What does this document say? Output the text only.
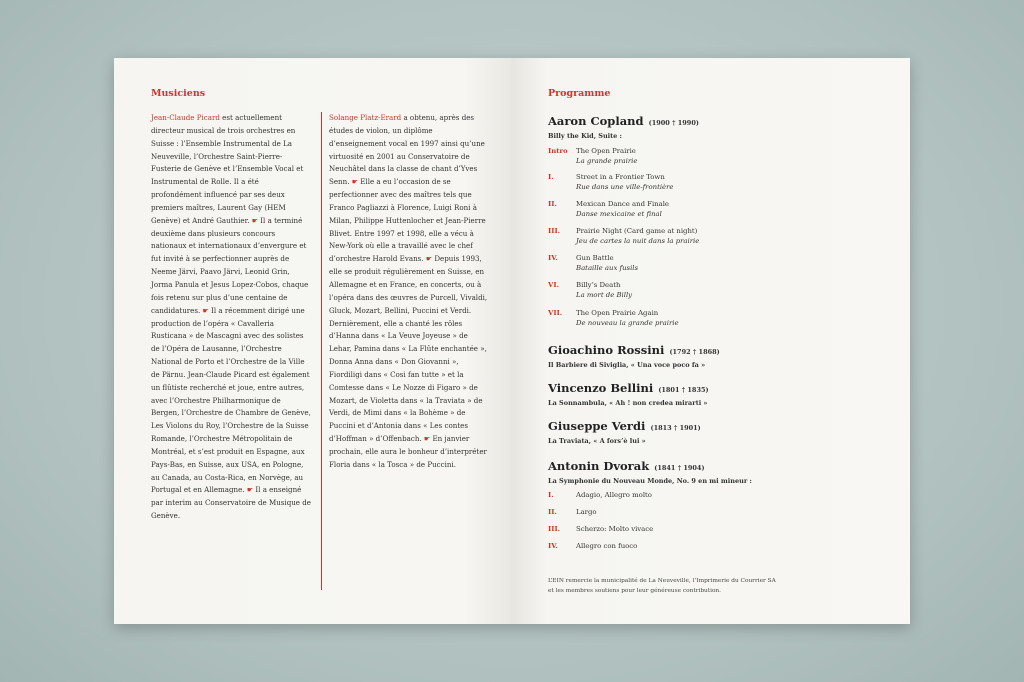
Musiciens

Jean-Claude Picard est actuellement directeur musical de trois orchestres en Suisse : l’Ensemble Instrumental de La Neuveville, l’Orchestre Saint-Pierre-Fusterie de Genève et l’Ensemble Vocal et Instrumental de Rolle. Il a été profondément influencé par ses deux premiers maîtres, Laurent Gay (HEM Genève) et André Gauthier. ☛ Il a terminé deuxième dans plusieurs concours nationaux et internationaux d’envergure et fut invité à se perfectionner auprès de Neeme Järvi, Paavo Järvi, Leonid Grin, Jorma Panula et Jesus Lopez-Cobos, chaque fois retenu sur plus d’une centaine de candidatures. ☛ Il a récemment dirigé une production de l’opéra « Cavalleria Rusticana » de Mascagni avec des solistes de l’Opéra de Lausanne, l’Orchestre National de Porto et l’Orchestre de la Ville de Pärnu. Jean-Claude Picard est également un flûtiste recherché et joue, entre autres, avec l’Orchestre Philharmonique de Bergen, l’Orchestre de Chambre de Genève, Les Violons du Roy, l’Orchestre de la Suisse Romande, l’Orchestre Métropolitain de Montréal, et s’est produit en Espagne, aux Pays-Bas, en Suisse, aux USA, en Pologne, au Canada, au Costa-Rica, en Norvège, au Portugal et en Allemagne. ☛ Il a enseigné par interim au Conservatoire de Musique de Genève.

Solange Platz-Erard a obtenu, après des études de violon, un diplôme d’enseignement vocal en 1997 ainsi qu’une virtuosité en 2001 au Conservatoire de Neuchâtel dans la classe de chant d’Yves Senn. ☛ Elle a eu l’occasion de se perfectionner avec des maîtres tels que Franco Pagliazzi à Florence, Luigi Roni à Milan, Philippe Huttenlocher et Jean-Pierre Blivet. Entre 1997 et 1998, elle a vécu à New-York où elle a travaillé avec le chef d’orchestre Harold Evans. ☛ Depuis 1993, elle se produit régulièrement en Suisse, en Allemagne et en France, en concerts, ou à l’opéra dans des œuvres de Purcell, Vivaldi, Gluck, Mozart, Bellini, Puccini et Verdi. Dernièrement, elle a chanté les rôles d’Hanna dans « La Veuve Joyeuse » de Lehar, Pamina dans « La Flûte enchantée », Donna Anna dans « Don Giovanni », Fiordiligi dans « Cosi fan tutte » et la Comtesse dans « Le Nozze di Figaro » de Mozart, de Violetta dans « la Traviata » de Verdi, de Mimi dans « la Bohème » de Puccini et d’Antonia dans « Les contes d’Hoffman » d’Offenbach. ☛ En janvier prochain, elle aura le bonheur d’interpréter Floria dans « la Tosca » de Puccini.

Programme
Aaron Copland (1900 † 1990)
Billy the Kid, Suite :
Intro	The Open Prairie
La grande prairie
I.	Street in a Frontier Town
Rue dans une ville-frontière
II.	Mexican Dance and Finale
Danse mexicaine et final
III.	Prairie Night (Card game at night)
Jeu de cartes la nuit dans la prairie
IV.	Gun Battle
Bataille aux fusils
VI.	Billy’s Death
La mort de Billy
VII.	The Open Prairie Again
De nouveau la grande prairie
Gioachino Rossini (1792 † 1868)
Il Barbiere di Siviglia, « Una voce poco fa »
Vincenzo Bellini (1801 † 1835)
La Sonnambula, « Ah ! non credea mirarti »
Giuseppe Verdi (1813 † 1901)
La Traviata, « A fors’è lui »
Antonin Dvorak (1841 † 1904)
La Symphonie du Nouveau Monde, No. 9 en mi mineur :
I.	Adagio, Allegro molto
II.	Largo
III.	Scherzo: Molto vivace
IV.	Allegro con fuoco
L’EIN remercie la municipalité de La Neuveville, l’Imprimerie du Courrier SA
et les membres soutiens pour leur généreuse contribution.
